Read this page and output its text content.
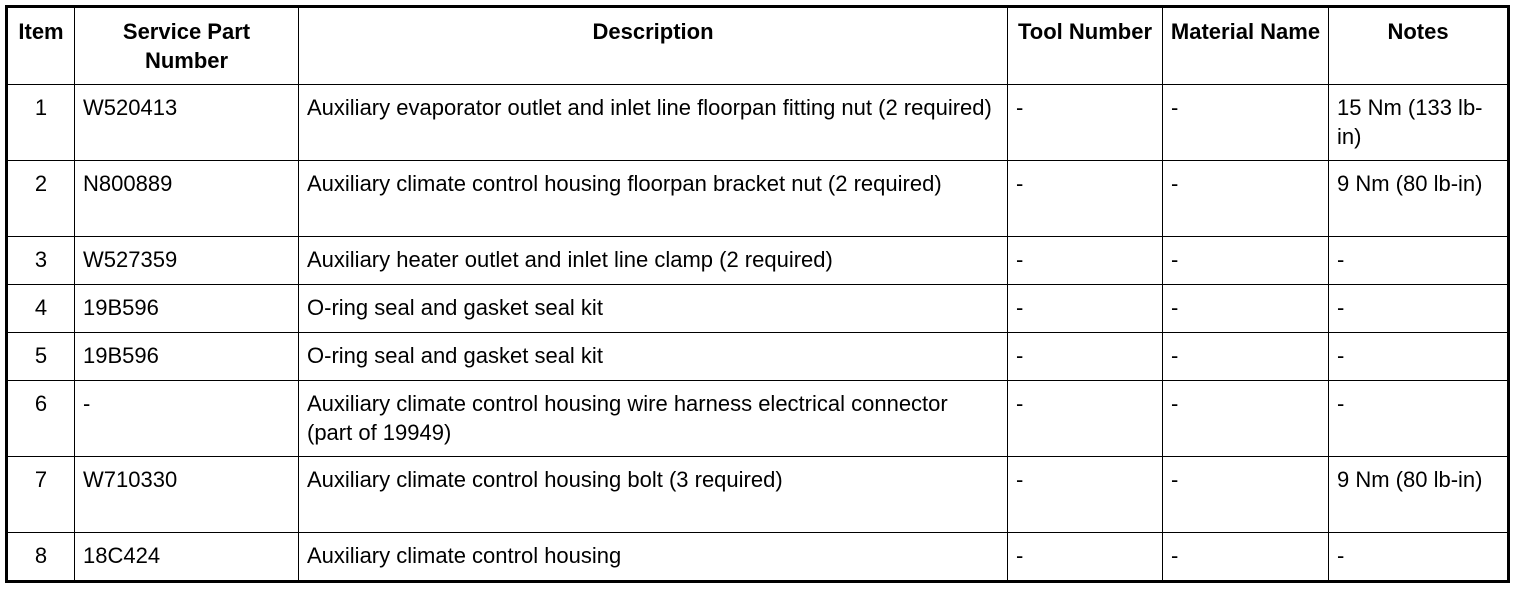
Item	Service Part Number	Description	Tool Number	Material Name	Notes
1	W520413	Auxiliary evaporator outlet and inlet line floorpan fitting nut (2 required)	-	-	15 Nm (133 lb-in)
2	N800889	Auxiliary climate control housing floorpan bracket nut (2 required)	-	-	9 Nm (80 lb-in)
3	W527359	Auxiliary heater outlet and inlet line clamp (2 required)	-	-	-
4	19B596	O-ring seal and gasket seal kit	-	-	-
5	19B596	O-ring seal and gasket seal kit	-	-	-
6	-	Auxiliary climate control housing wire harness electrical connector (part of 19949)	-	-	-
7	W710330	Auxiliary climate control housing bolt (3 required)	-	-	9 Nm (80 lb-in)
8	18C424	Auxiliary climate control housing	-	-	-
